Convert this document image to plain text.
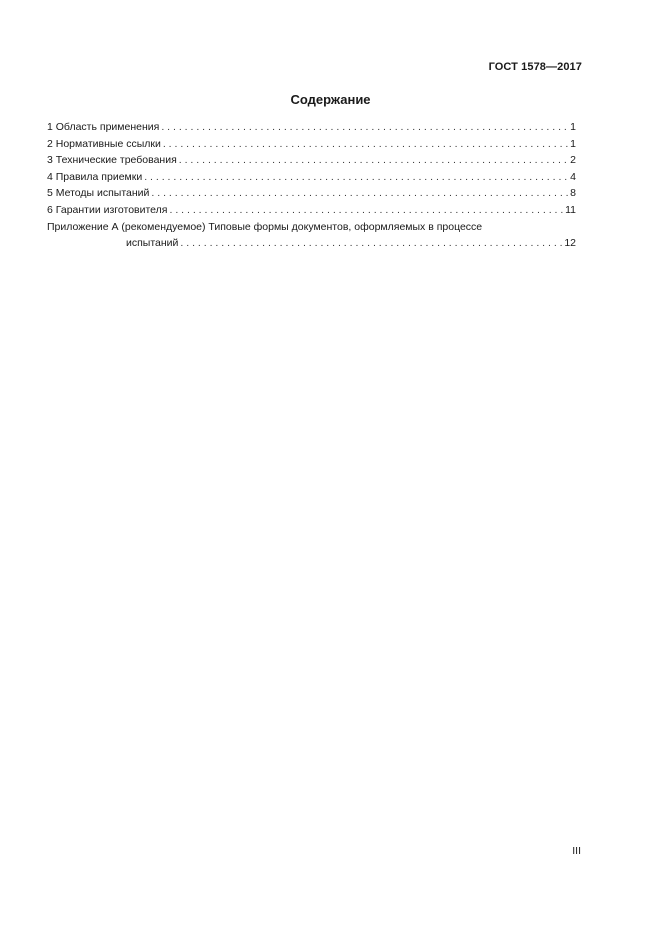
ГОСТ 1578—2017
Содержание
1 Область применения . . .	1
2 Нормативные ссылки . . .	1
3 Технические требования . . .	2
4 Правила приемки . . .	4
5 Методы испытаний . . .	8
6 Гарантии изготовителя . . .	11
Приложение А (рекомендуемое) Типовые формы документов, оформляемых в процессе
испытаний . . .	12
III
